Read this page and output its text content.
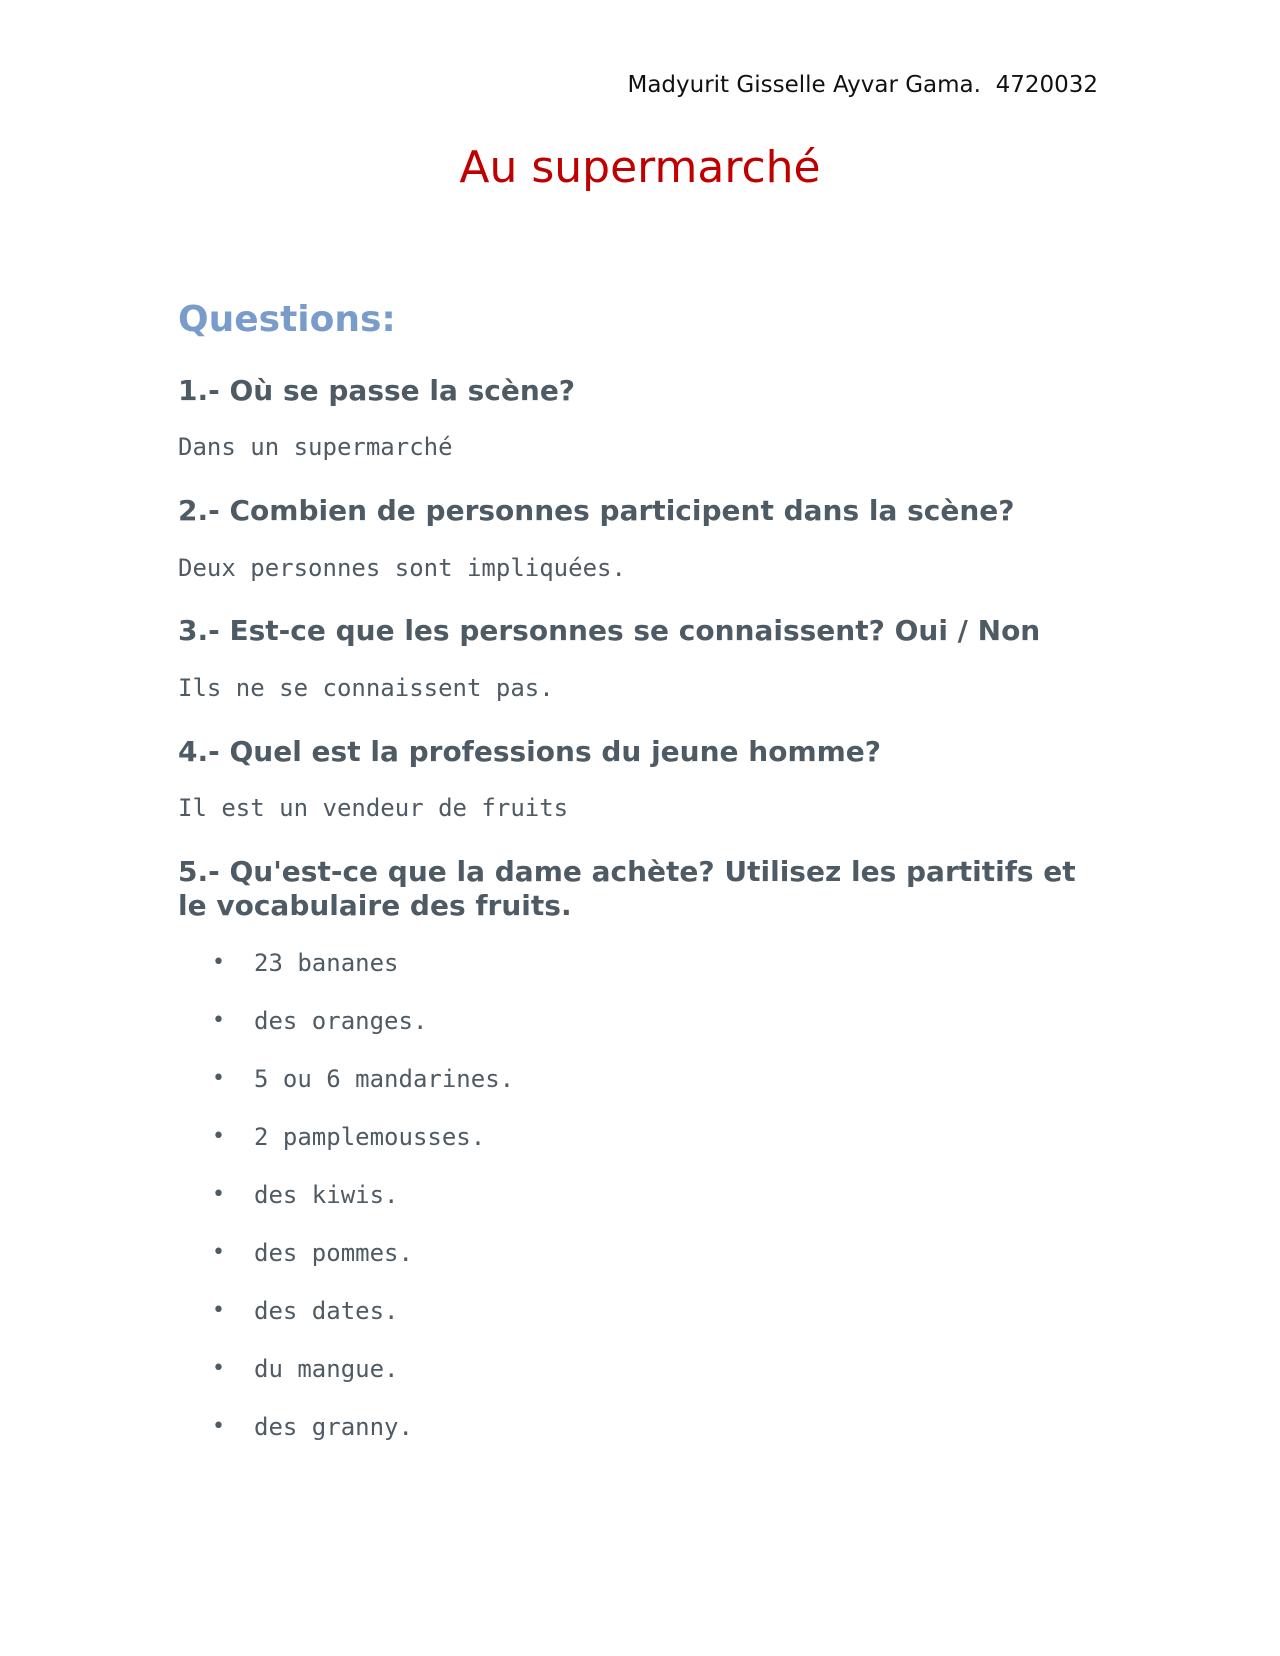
Madyurit Gisselle Ayvar Gama.  4720032
Au supermarché
Questions:
1.- Où se passe la scène?
Dans un supermarché
2.- Combien de personnes participent dans la scène?
Deux personnes sont impliquées.
3.- Est-ce que les personnes se connaissent? Oui / Non
Ils ne se connaissent pas.
4.- Quel est la professions du jeune homme?
Il est un vendeur de fruits
5.- Qu'est-ce que la dame achète? Utilisez les partitifs et le vocabulaire des fruits.
• 23 bananes
• des oranges.
• 5 ou 6 mandarines.
• 2 pamplemousses.
• des kiwis.
• des pommes.
• des dates.
• du mangue.
• des granny.
